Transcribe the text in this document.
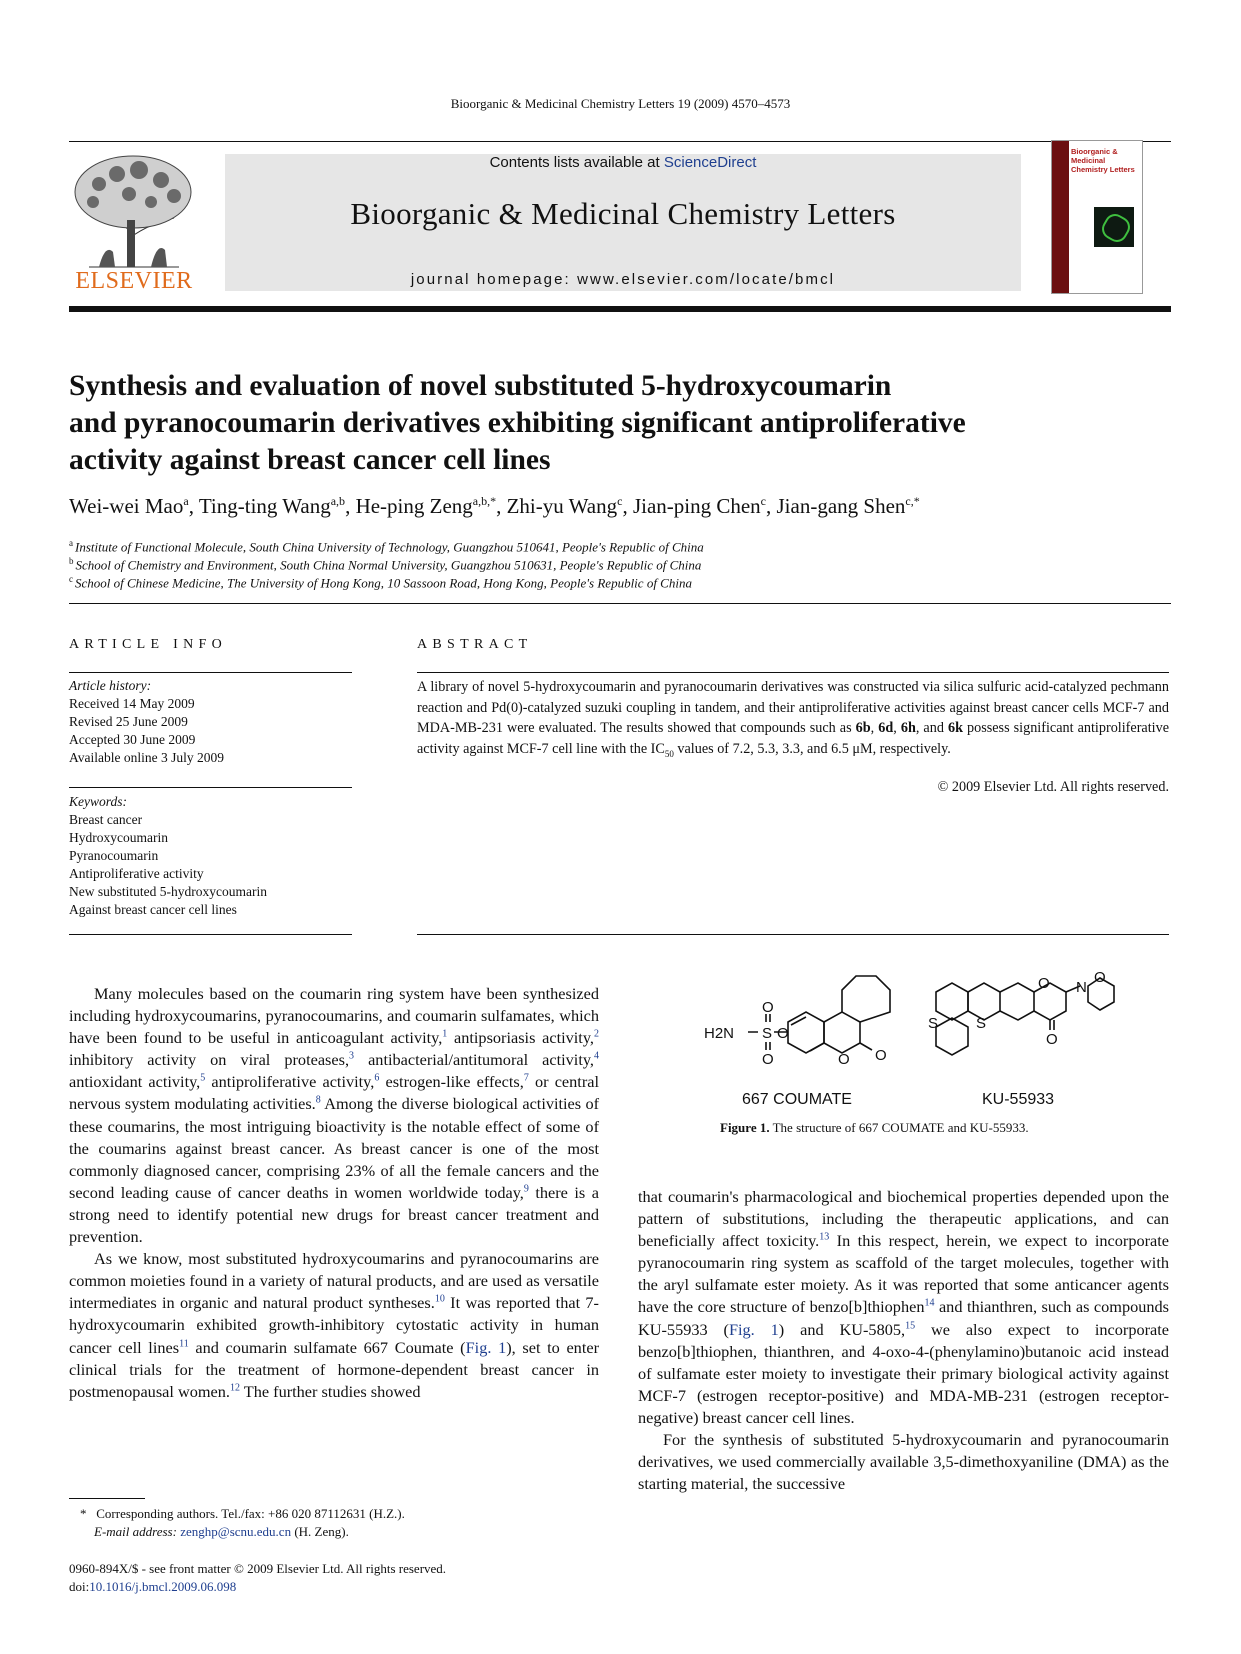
Bioorganic & Medicinal Chemistry Letters 19 (2009) 4570–4573
ELSEVIER
Contents lists available at ScienceDirect
Bioorganic & Medicinal Chemistry Letters
journal homepage: www.elsevier.com/locate/bmcl
Bioorganic & Medicinal Chemistry Letters
Synthesis and evaluation of novel substituted 5-hydroxycoumarin
and pyranocoumarin derivatives exhibiting significant antiproliferative
activity against breast cancer cell lines
Wei-wei Mao$^a$, Ting-ting Wang$^{a,b}$, He-ping Zeng$^{a,b,*}$, Zhi-yu Wang$^c$, Jian-ping Chen$^c$, Jian-gang Shen$^{c,*}$
$^a$ Institute of Functional Molecule, South China University of Technology, Guangzhou 510641, People's Republic of China
$^b$ School of Chemistry and Environment, South China Normal University, Guangzhou 510631, People's Republic of China
$^c$ School of Chinese Medicine, The University of Hong Kong, 10 Sassoon Road, Hong Kong, People's Republic of China
ARTICLE INFO
Article history:
Received 14 May 2009
Revised 25 June 2009
Accepted 30 June 2009
Available online 3 July 2009
Keywords:
Breast cancer
Hydroxycoumarin
Pyranocoumarin
Antiproliferative activity
New substituted 5-hydroxycoumarin
Against breast cancer cell lines
ABSTRACT
A library of novel 5-hydroxycoumarin and pyranocoumarin derivatives was constructed via silica sulfuric acid-catalyzed pechmann reaction and Pd(0)-catalyzed suzuki coupling in tandem, and their antiproliferative activities against breast cancer cells MCF-7 and MDA-MB-231 were evaluated. The results showed that compounds such as 6b, 6d, 6h, and 6k possess significant antiproliferative activity against MCF-7 cell line with the $IC_{50}$ values of 7.2, 5.3, 3.3, and 6.5 μM, respectively.
© 2009 Elsevier Ltd. All rights reserved.

Many molecules based on the coumarin ring system have been synthesized including hydroxycoumarins, pyranocoumarins, and coumarin sulfamates, which have been found to be useful in anticoagulant activity,$^1$ antipsoriasis activity,$^2$ inhibitory activity on viral proteases,$^3$ antibacterial/antitumoral activity,$^4$ antioxidant activity,$^5$ antiproliferative activity,$^6$ estrogen-like effects,$^7$ or central nervous system modulating activities.$^8$ Among the diverse biological activities of these coumarins, the most intriguing bioactivity is the notable effect of some of the coumarins against breast cancer. As breast cancer is one of the most commonly diagnosed cancer, comprising 23% of all the female cancers and the second leading cause of cancer deaths in women worldwide today,$^9$ there is a strong need to identify potential new drugs for breast cancer treatment and prevention.

As we know, most substituted hydroxycoumarins and pyranocoumarins are common moieties found in a variety of natural products, and are used as versatile intermediates in organic and natural product syntheses.$^{10}$ It was reported that 7-hydroxycoumarin exhibited growth-inhibitory cytostatic activity in human cancer cell lines$^{11}$ and coumarin sulfamate 667 Coumate (Fig. 1), set to enter clinical trials for the treatment of hormone-dependent breast cancer in postmenopausal women.$^{12}$ The further studies showed

H2N S
O
O
O
O O
667 COUMATE
S	S
O
O
N
O
KU-55933
Figure 1. The structure of 667 COUMATE and KU-55933.

that coumarin's pharmacological and biochemical properties depended upon the pattern of substitutions, including the therapeutic applications, and can beneficially affect toxicity.$^{13}$ In this respect, herein, we expect to incorporate pyranocoumarin ring system as scaffold of the target molecules, together with the aryl sulfamate ester moiety. As it was reported that some anticancer agents have the core structure of benzo[b]thiophen$^{14}$ and thianthren, such as compounds KU-55933 (Fig. 1) and KU-5805,15 we also expect to incorporate benzo[b]thiophen, thianthren, and 4-oxo-4-(phenylamino)butanoic acid instead of sulfamate ester moiety to investigate their primary biological activity against MCF-7 (estrogen receptor-positive) and MDA-MB-231 (estrogen receptor-negative) breast cancer cell lines.

For the synthesis of substituted 5-hydroxycoumarin and pyranocoumarin derivatives, we used commercially available 3,5-dimethoxyaniline (DMA) as the starting material, the successive

* Corresponding authors. Tel./fax: +86 020 87112631 (H.Z.).
E-mail address: zenghp@scnu.edu.cn (H. Zeng).
0960-894X/$ - see front matter © 2009 Elsevier Ltd. All rights reserved.
doi:10.1016/j.bmcl.2009.06.098
